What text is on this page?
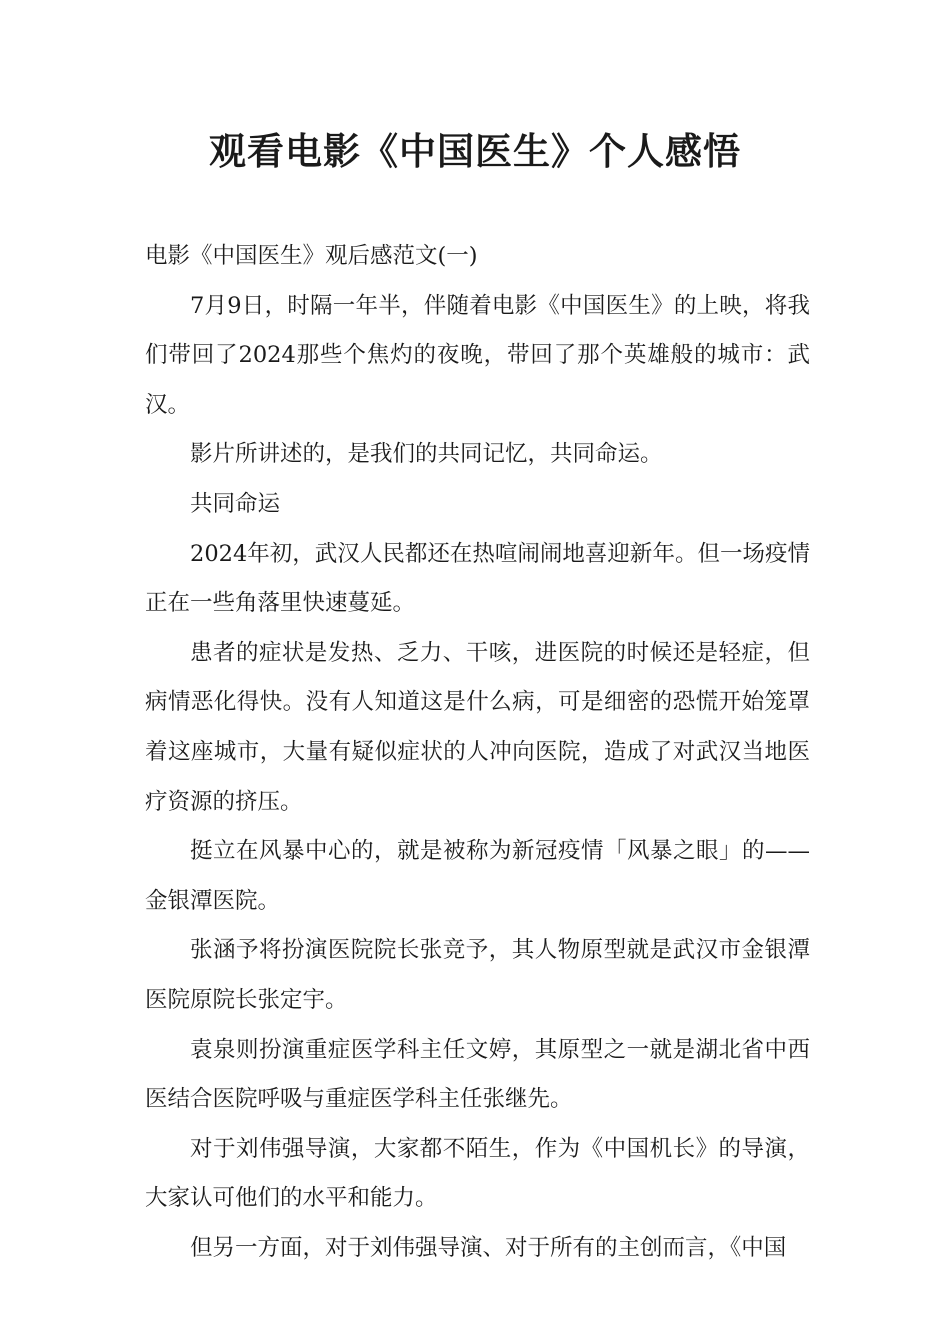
观看电影《中国医生》个人感悟

电影《中国医生》观后感范文(一)

7月9日，时隔一年半，伴随着电影《中国医生》的上映，将我们带回了2024那些个焦灼的夜晚，带回了那个英雄般的城市：武汉。

影片所讲述的，是我们的共同记忆，共同命运。

共同命运

2024年初，武汉人民都还在热喧闹闹地喜迎新年。但一场疫情正在一些角落里快速蔓延。

患者的症状是发热、乏力、干咳，进医院的时候还是轻症，但病情恶化得快。没有人知道这是什么病，可是细密的恐慌开始笼罩着这座城市，大量有疑似症状的人冲向医院，造成了对武汉当地医疗资源的挤压。

挺立在风暴中心的，就是被称为新冠疫情「风暴之眼」的——金银潭医院。

张涵予将扮演医院院长张竞予，其人物原型就是武汉市金银潭医院原院长张定宇。

袁泉则扮演重症医学科主任文婷，其原型之一就是湖北省中西医结合医院呼吸与重症医学科主任张继先。

对于刘伟强导演，大家都不陌生，作为《中国机长》的导演，大家认可他们的水平和能力。

但另一方面，对于刘伟强导演、对于所有的主创而言，《中国
